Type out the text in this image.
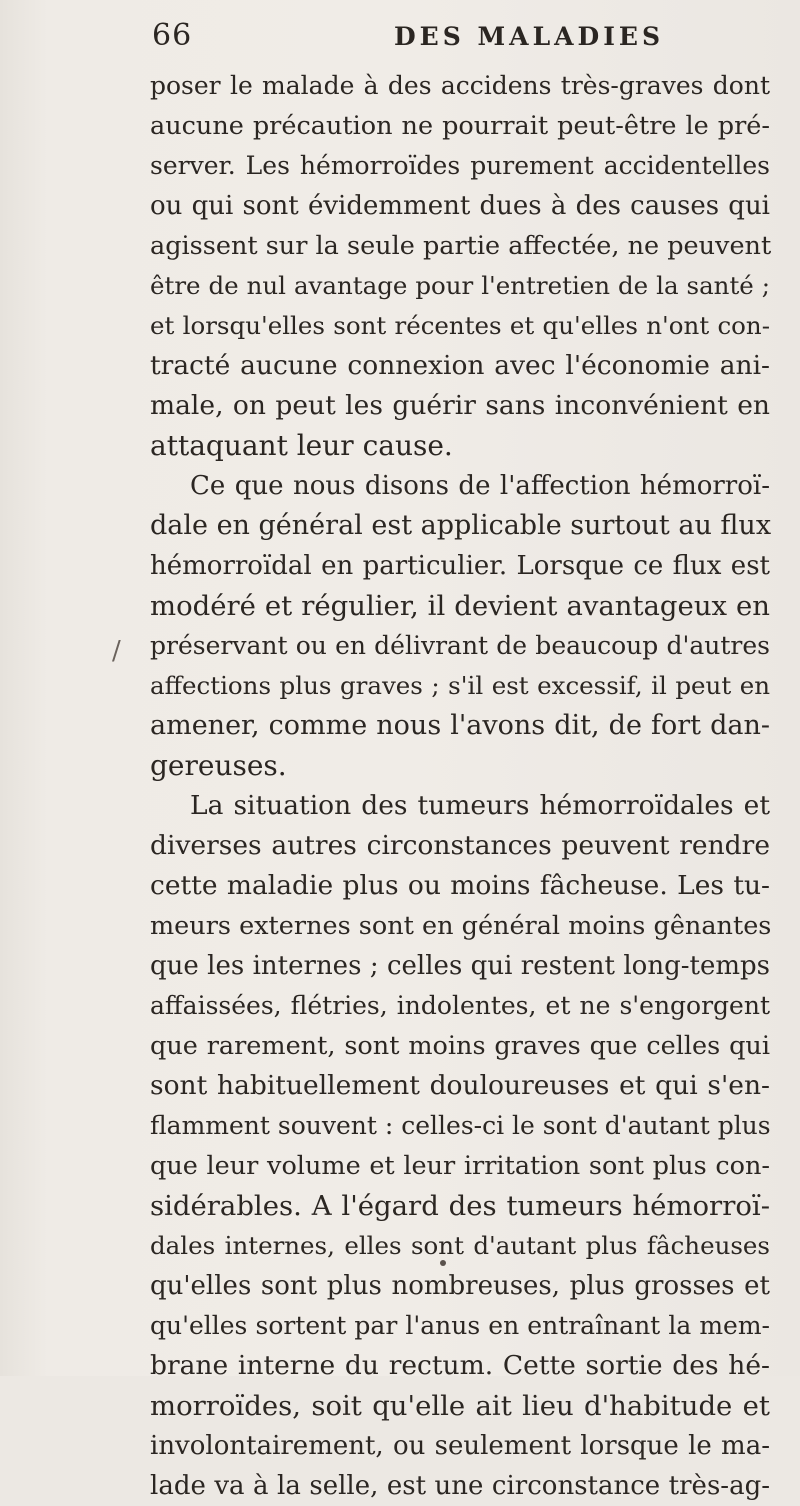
66	DES MALADIES
/
poser le malade à des accidens très-graves dont
aucune précaution ne pourrait peut-être le pré-
server. Les hémorroïdes purement accidentelles
ou qui sont évidemment dues à des causes qui
agissent sur la seule partie affectée, ne peuvent
être de nul avantage pour l'entretien de la santé ;
et lorsqu'elles sont récentes et qu'elles n'ont con-
tracté aucune connexion avec l'économie ani-
male, on peut les guérir sans inconvénient en
attaquant leur cause.
Ce que nous disons de l'affection hémorroï-
dale en général est applicable surtout au flux
hémorroïdal en particulier. Lorsque ce flux est
modéré et régulier, il devient avantageux en
préservant ou en délivrant de beaucoup d'autres
affections plus graves ; s'il est excessif, il peut en
amener, comme nous l'avons dit, de fort dan-
gereuses.
La situation des tumeurs hémorroïdales et
diverses autres circonstances peuvent rendre
cette maladie plus ou moins fâcheuse. Les tu-
meurs externes sont en général moins gênantes
que les internes ; celles qui restent long-temps
affaissées, flétries, indolentes, et ne s'engorgent
que rarement, sont moins graves que celles qui
sont habituellement douloureuses et qui s'en-
flamment souvent : celles-ci le sont d'autant plus
que leur volume et leur irritation sont plus con-
sidérables. A l'égard des tumeurs hémorroï-
dales internes, elles sont d'autant plus fâcheuses
qu'elles sont plus nombreuses, plus grosses et
qu'elles sortent par l'anus en entraînant la mem-
brane interne du rectum. Cette sortie des hé-
morroïdes, soit qu'elle ait lieu d'habitude et
involontairement, ou seulement lorsque le ma-
lade va à la selle, est une circonstance très-ag-
